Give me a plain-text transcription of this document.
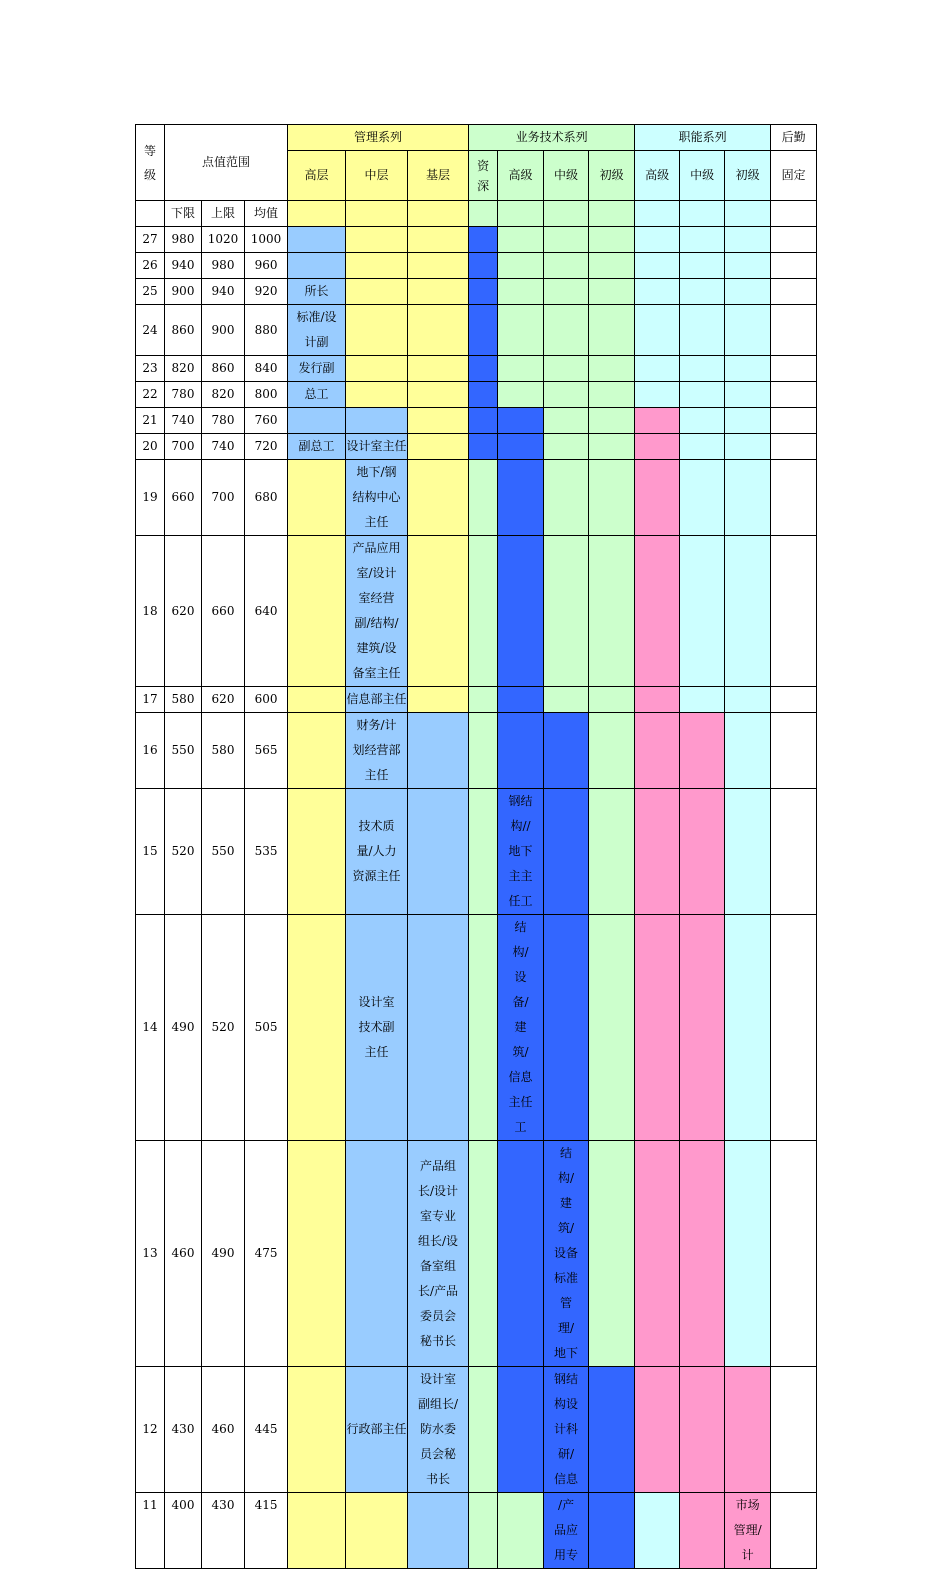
等级	点值范围			管理系列			业务技术系列				职能系列			后勤
				高层	中层	基层	资深	高级	中级	初级	高级	中级	初级	固定
	下限	上限	均值											
27	980	1020	1000											
26	940	980	960											
25	900	940	920	所长										
24	860	900	880	标准/设计副										
23	820	860	840	发行副										
22	780	820	800	总工										
21	740	780	760											
20	700	740	720	副总工	设计室主任									
19	660	700	680		地下/钢结构中心主任									
18	620	660	640		产品应用室/设计室经营副/结构/建筑/设备室主任									
17	580	620	600		信息部主任									
16	550	580	565		财务/计划经营部主任									
15	520	550	535		技术质量/人力资源主任			钢结构//地下主主任工						
14	490	520	505		设计室技术副主任			结构/设备/建筑/信息主任工						
13	460	490	475			产品组长/设计室专业组长/设备室组长/产品委员会秘书长			结构/建筑/设备标准管理/地下					
12	430	460	445		行政部主任	设计室副组长/防水委员会秘书长			钢结构设计科研/信息					
11	400	430	415						/产品应用专				市场管理/计	
